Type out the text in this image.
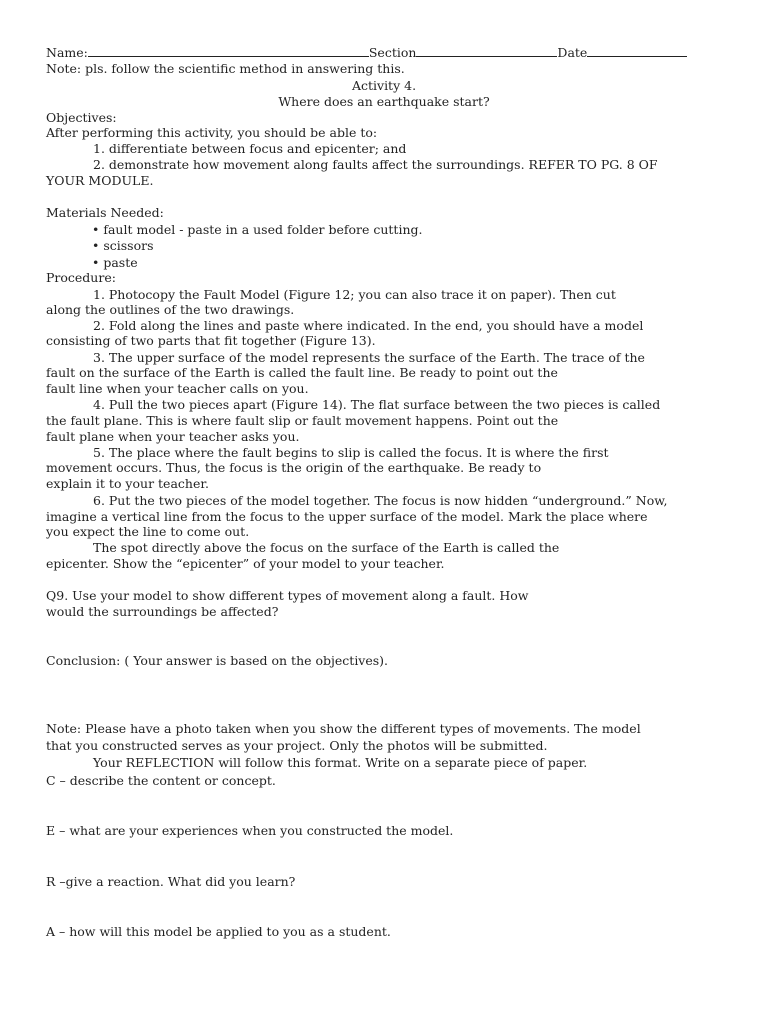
Name:	Section	Date
Note: pls. follow the scientific method in answering this.
Activity 4.
Where does an earthquake start?
Objectives:
After performing this activity, you should be able to:
1. differentiate between focus and epicenter; and
2. demonstrate how movement along faults affect the surroundings. REFER TO PG. 8 OF
YOUR MODULE.
Materials Needed:
• fault model - paste in a used folder before cutting.
• scissors
• paste
Procedure:
1. Photocopy the Fault Model (Figure 12; you can also trace it on paper). Then cut
along the outlines of the two drawings.
2. Fold along the lines and paste where indicated. In the end, you should have a model
consisting of two parts that fit together (Figure 13).
3. The upper surface of the model represents the surface of the Earth. The trace of the
fault on the surface of the Earth is called the fault line. Be ready to point out the
fault line when your teacher calls on you.
4. Pull the two pieces apart (Figure 14). The flat surface between the two pieces is called
the fault plane. This is where fault slip or fault movement happens. Point out the
fault plane when your teacher asks you.
5. The place where the fault begins to slip is called the focus. It is where the first
movement occurs. Thus, the focus is the origin of the earthquake. Be ready to
explain it to your teacher.
6. Put the two pieces of the model together. The focus is now hidden “underground.” Now,
imagine a vertical line from the focus to the upper surface of the model. Mark the place where
you expect the line to come out.
The spot directly above the focus on the surface of the Earth is called the
epicenter. Show the “epicenter” of your model to your teacher.
Q9. Use your model to show different types of movement along a fault. How
would the surroundings be affected?
Conclusion: ( Your answer is based on the objectives).
Note: Please have a photo taken when you show the different types of movements. The model
that you constructed serves as your project. Only the photos will be submitted.
Your REFLECTION will follow this format. Write on a separate piece of paper.
C – describe the content or concept.
E – what are your experiences when you constructed the model.
R –give a reaction. What did you learn?
A – how will this model be applied to you as a student.
